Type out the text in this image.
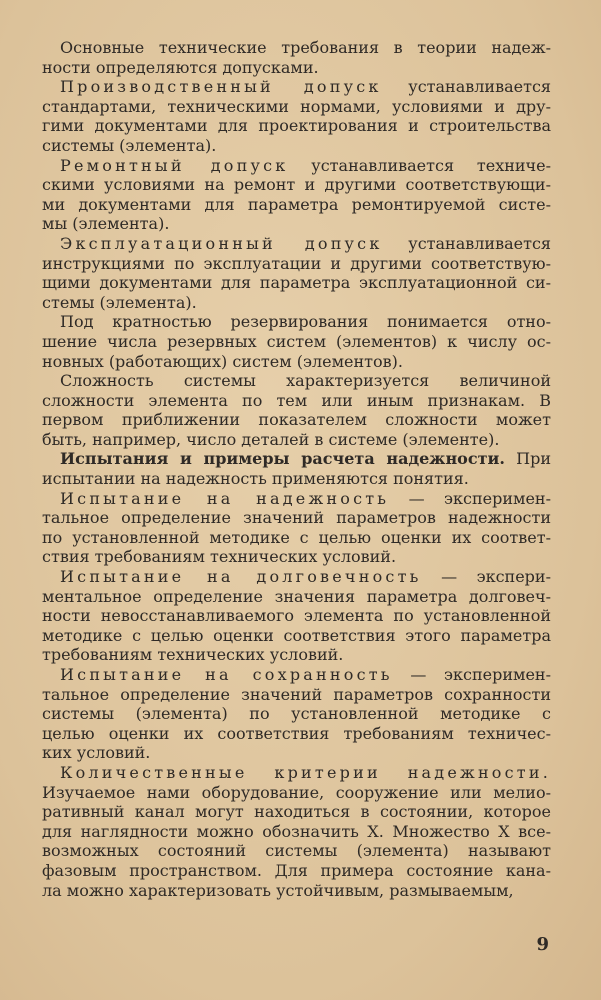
Основные технические требования в теории надеж-
ности определяются допусками.
Производственный допуск устанавливается
стандартами, техническими нормами, условиями и дру-
гими документами для проектирования и строительства
системы (элемента).
Ремонтный допуск устанавливается техниче-
скими условиями на ремонт и другими соответствующи-
ми документами для параметра ремонтируемой систе-
мы (элемента).
Эксплуатационный допуск устанавливается
инструкциями по эксплуатации и другими соответствую-
щими документами для параметра эксплуатационной си-
стемы (элемента).
Под кратностью резервирования понимается отно-
шение числа резервных систем (элементов) к числу ос-
новных (работающих) систем (элементов).
Сложность системы характеризуется величиной
сложности элемента по тем или иным признакам. В
первом приближении показателем сложности может
быть, например, число деталей в системе (элементе).
Испытания и примеры расчета надежности. При
испытании на надежность применяются понятия.
Испытание на надежность — эксперимен-
тальное определение значений параметров надежности
по установленной методике с целью оценки их соответ-
ствия требованиям технических условий.
Испытание на долговечность — экспери-
ментальное определение значения параметра долговеч-
ности невосстанавливаемого элемента по установленной
методике с целью оценки соответствия этого параметра
требованиям технических условий.
Испытание на сохранность — эксперимен-
тальное определение значений параметров сохранности
системы (элемента) по установленной методике с
целью оценки их соответствия требованиям техничес-
ких условий.
Количественные критерии надежности.
Изучаемое нами оборудование, сооружение или мелио-
ративный канал могут находиться в состоянии, которое
для наглядности можно обозначить X. Множество X все-
возможных состояний системы (элемента) называют
фазовым пространством. Для примера состояние кана-
ла можно характеризовать устойчивым, размываемым,
9
